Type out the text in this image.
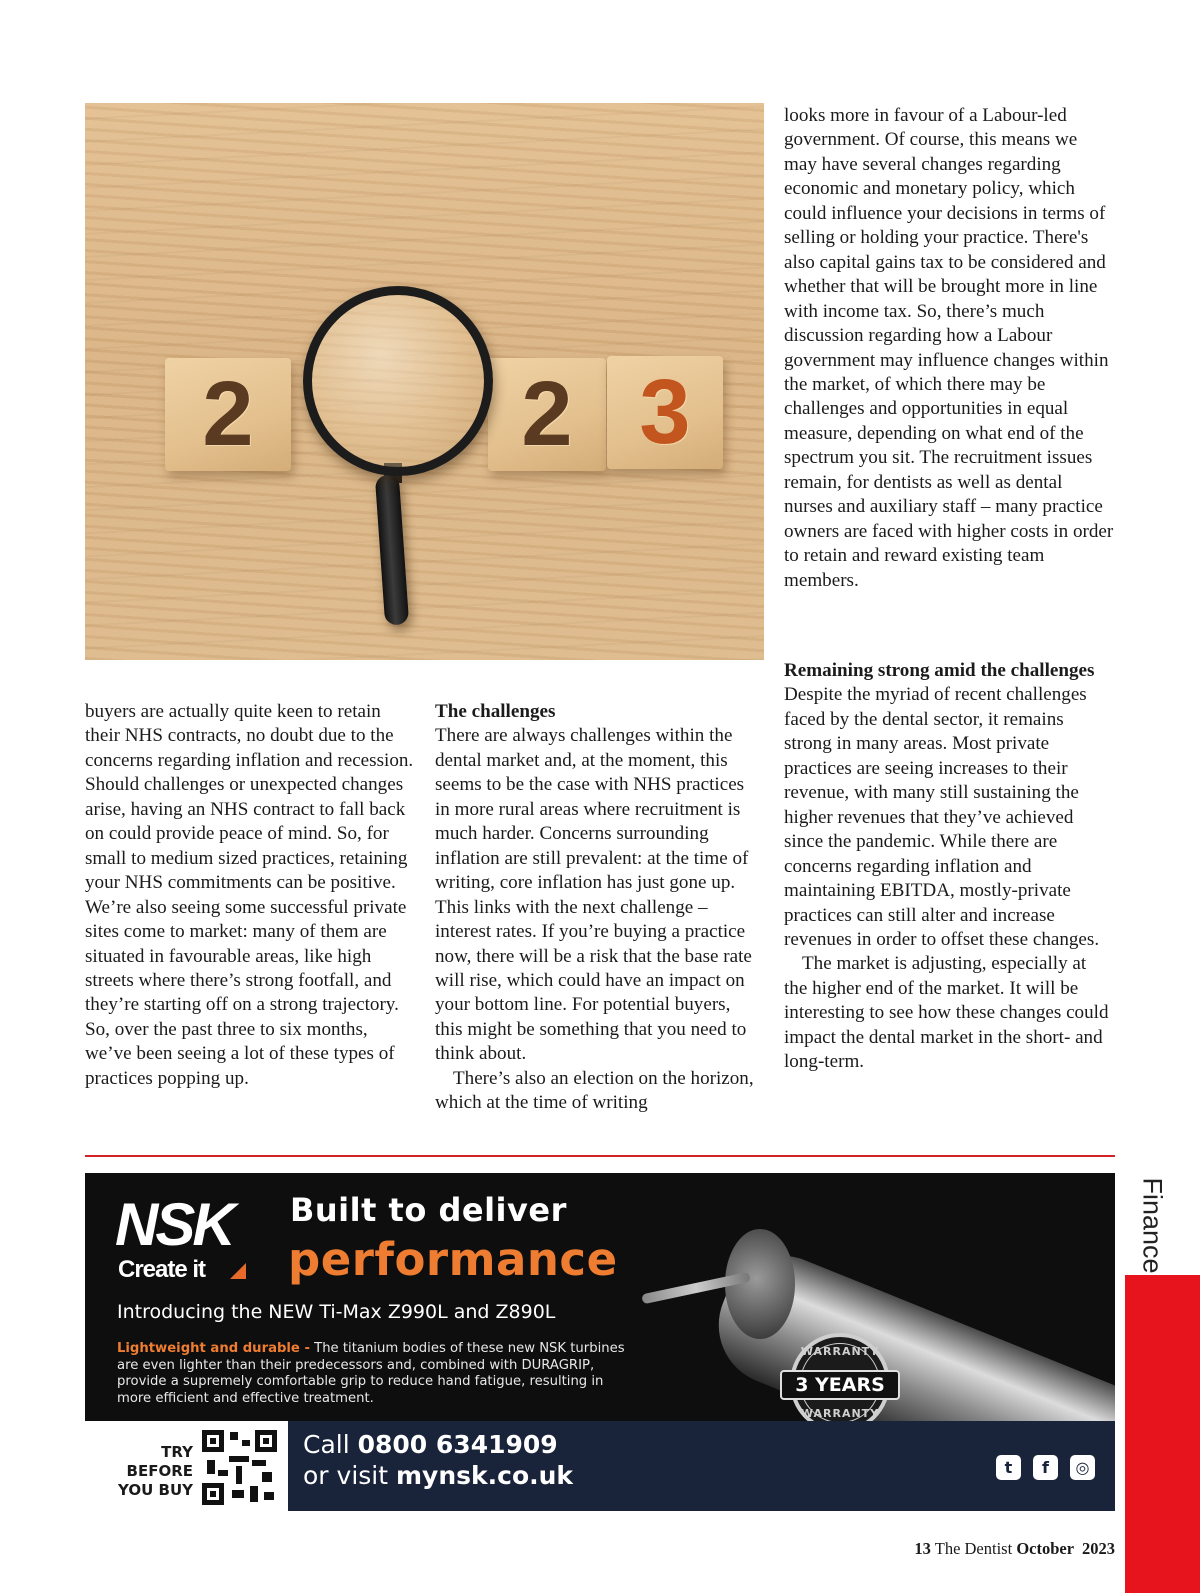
2	2 3

buyers are actually quite keen to retain their NHS contracts, no doubt due to the concerns regarding inflation and recession. Should challenges or unexpected changes arise, having an NHS contract to fall back on could provide peace of mind. So, for small to medium sized practices, retaining your NHS commitments can be positive. We’re also seeing some successful private sites come to market: many of them are situated in favourable areas, like high streets where there’s strong footfall, and they’re starting off on a strong trajectory. So, over the past three to six months, we’ve been seeing a lot of these types of practices popping up.

The challenges

There are always challenges within the dental market and, at the moment, this seems to be the case with NHS practices in more rural areas where recruitment is much harder. Concerns surrounding inflation are still prevalent: at the time of writing, core inflation has just gone up. This links with the next challenge – interest rates. If you’re buying a practice now, there will be a risk that the base rate will rise, which could have an impact on your bottom line. For potential buyers, this might be something that you need to think about.

There’s also an election on the horizon, which at the time of writing

looks more in favour of a Labour-led government. Of course, this means we may have several changes regarding economic and monetary policy, which could influence your decisions in terms of selling or holding your practice. There's also capital gains tax to be considered and whether that will be brought more in line with income tax. So, there’s much discussion regarding how a Labour government may influence changes within the market, of which there may be challenges and opportunities in equal measure, depending on what end of the spectrum you sit. The recruitment issues remain, for dentists as well as dental nurses and auxiliary staff – many practice owners are faced with higher costs in order to retain and reward existing team members.

Remaining strong amid the challenges

Despite the myriad of recent challenges faced by the dental sector, it remains strong in many areas. Most private practices are seeing increases to their revenue, with many still sustaining the higher revenues that they’ve achieved since the pandemic. While there are concerns regarding inflation and maintaining EBITDA, mostly-private practices can still alter and increase revenues in order to offset these changes.

The market is adjusting, especially at the higher end of the market. It will be interesting to see how these changes could impact the dental market in the short- and long-term.

Finance
NSK
Create it
Built to deliver
performance
Introducing the NEW Ti-Max Z990L and Z890L
Lightweight and durable - The titanium bodies of these new NSK turbines are even lighter than their predecessors and, combined with DURAGRIP, provide a supremely comfortable grip to reduce hand fatigue, resulting in more efficient and effective treatment.
WARRANTY
3 YEARS
WARRANTY
TRY
BEFORE
YOU BUY
Call 0800 6341909
or visit mynsk.co.uk	t	f	◎
13 The Dentist October  2023
